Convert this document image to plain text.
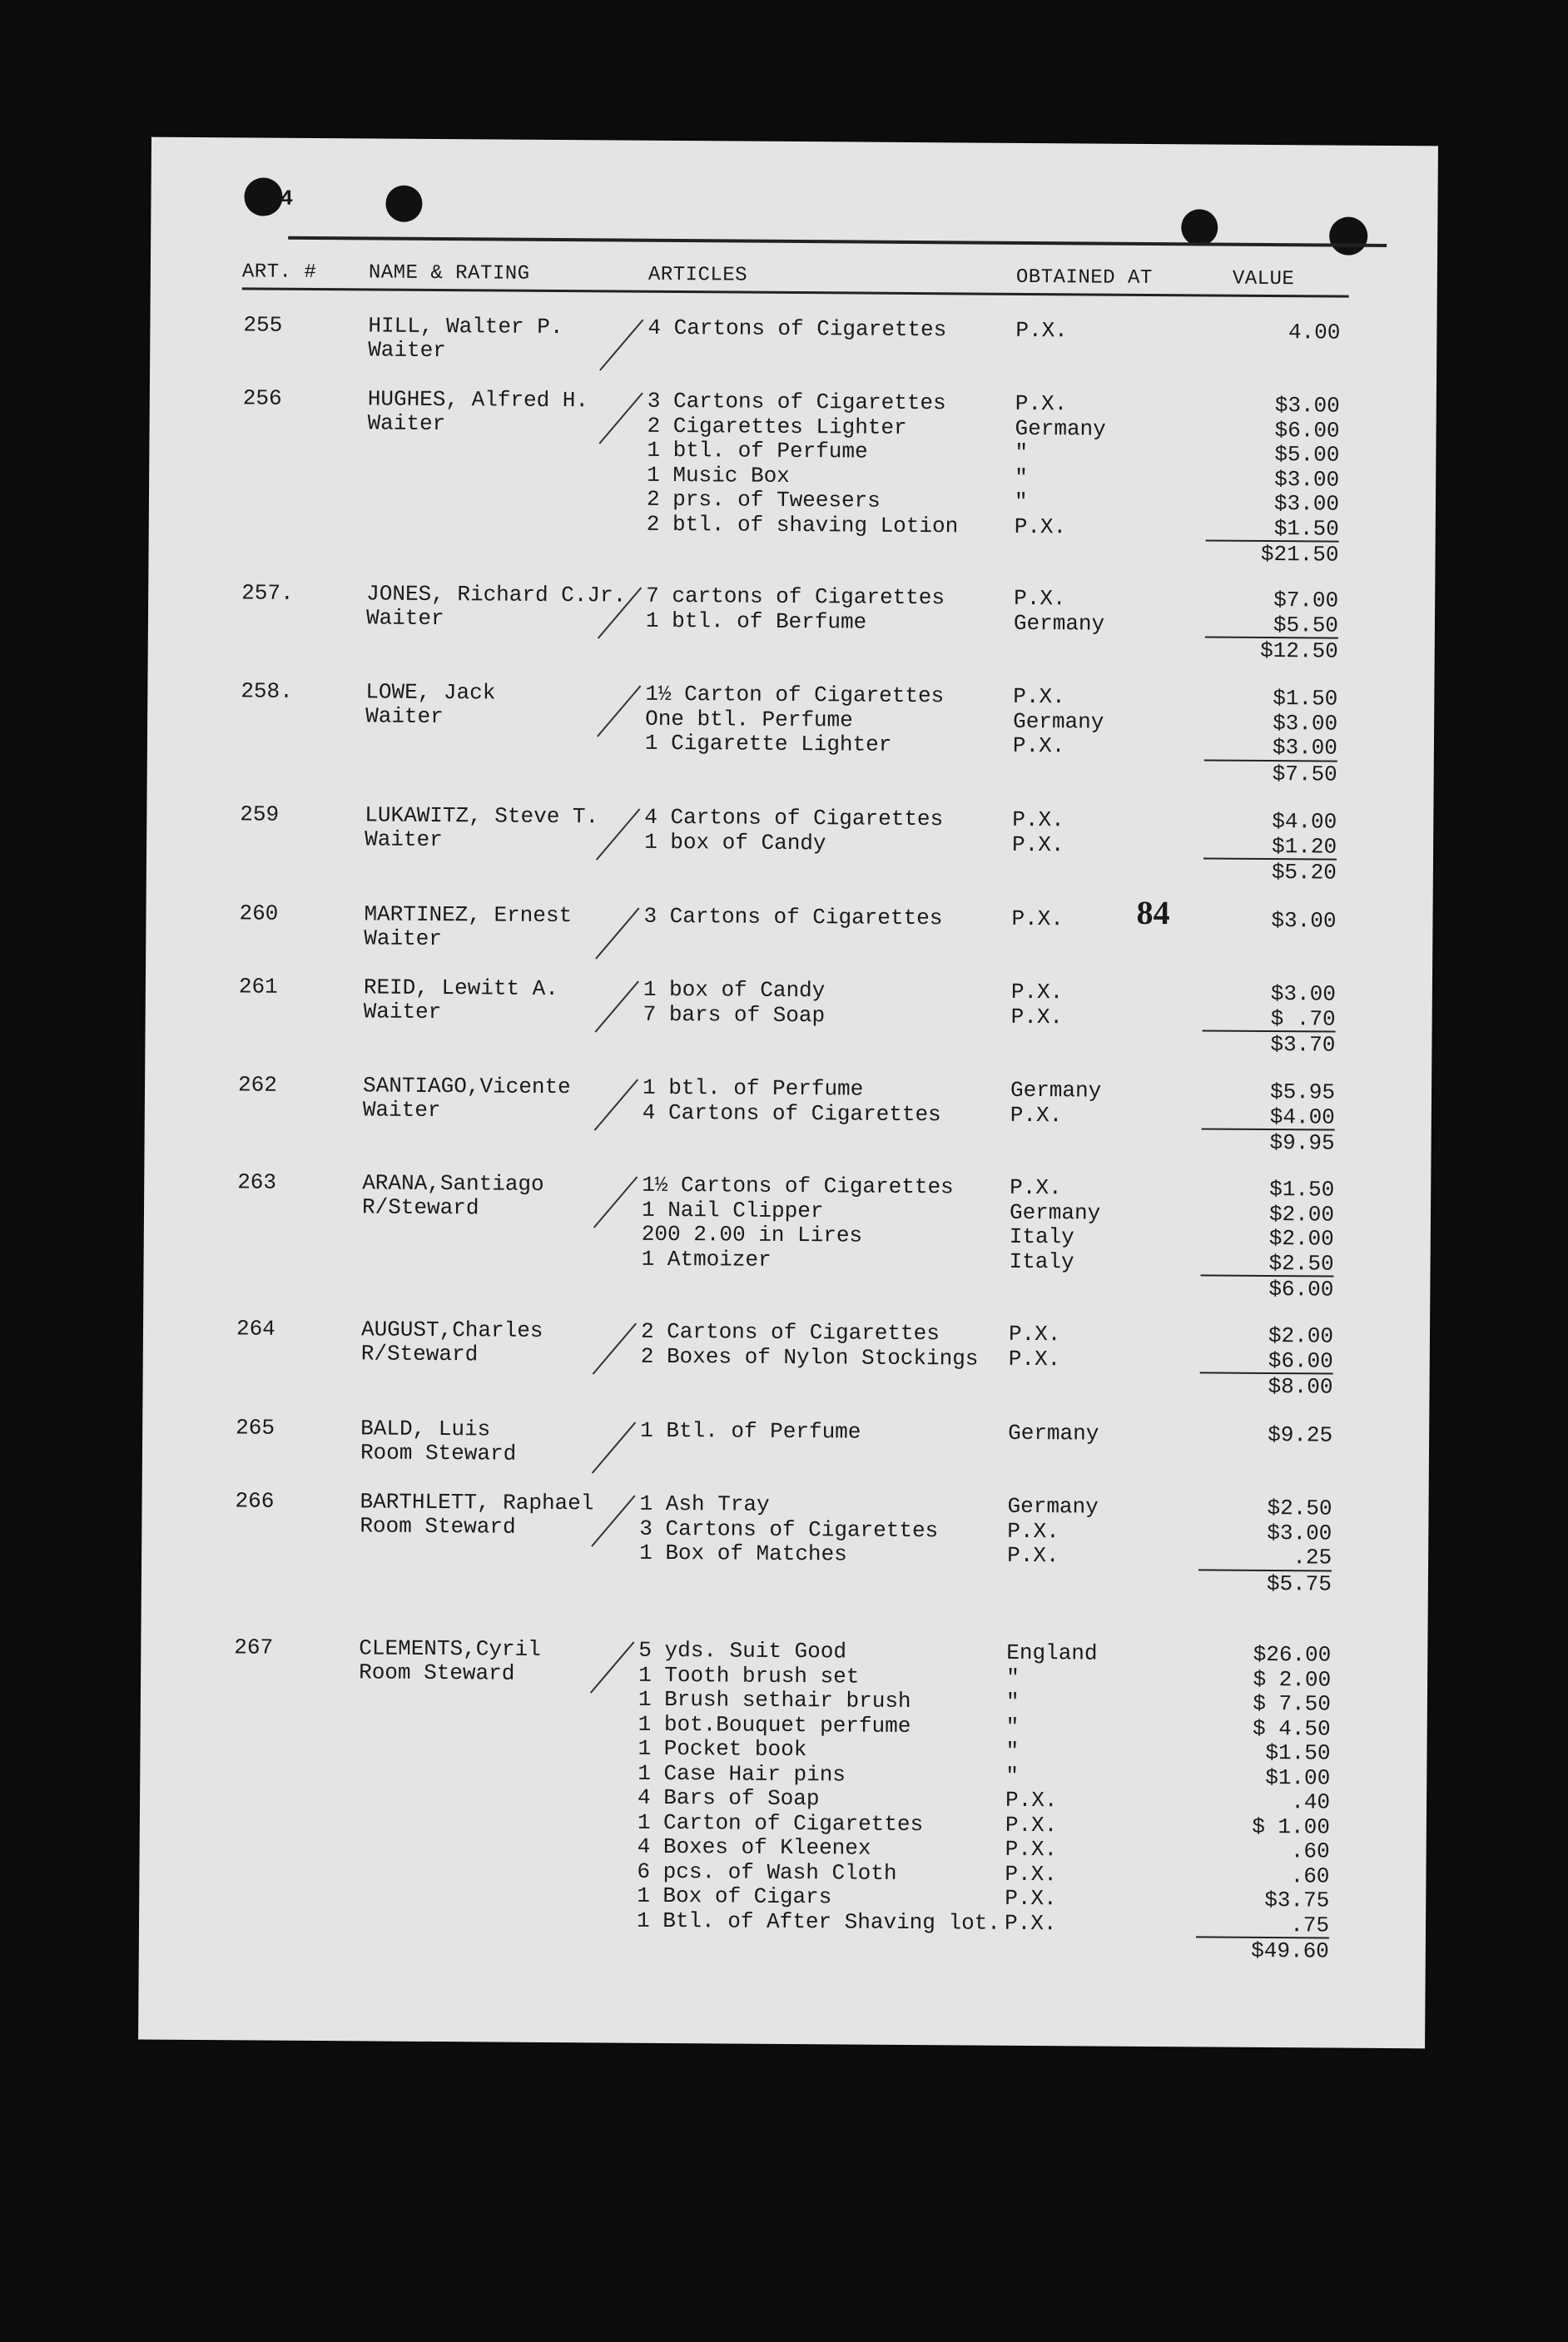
4
ART. #	NAME & RATING	ARTICLES	OBTAINED AT	VALUE
255	HILL, Walter P.
Waiter
4 Cartons of Cigarettes	P.X.	4.00
256	HUGHES, Alfred H.
Waiter
3 Cartons of Cigarettes	P.X.	$3.00
2 Cigarettes Lighter	Germany	$6.00
1 btl. of Perfume	"	$5.00
1 Music Box	"	$3.00
2 prs. of Tweesers	"	$3.00
2 btl. of shaving Lotion	P.X.	$1.50
$21.50
257.	JONES, Richard C.Jr.
Waiter
7 cartons of Cigarettes	P.X.	$7.00
1 btl. of Berfume	Germany	$5.50
$12.50
258.	LOWE, Jack
Waiter
1½ Carton of Cigarettes	P.X.	$1.50
One btl. Perfume	Germany	$3.00
1 Cigarette Lighter	P.X.	$3.00
$7.50
259	LUKAWITZ, Steve T.
Waiter
4 Cartons of Cigarettes	P.X.	$4.00
1 box of Candy	P.X.	$1.20
$5.20
260	MARTINEZ, Ernest
Waiter
3 Cartons of Cigarettes	P.X.	$3.00
261	REID, Lewitt A.
Waiter
1 box of Candy	P.X.	$3.00
7 bars of Soap	P.X.	$ .70
$3.70
262	SANTIAGO,Vicente
Waiter
1 btl. of Perfume	Germany	$5.95
4 Cartons of Cigarettes	P.X.	$4.00
$9.95
263	ARANA,Santiago
R/Steward
1½ Cartons of Cigarettes	P.X.	$1.50
1 Nail Clipper	Germany	$2.00
200 2.00 in Lires	Italy	$2.00
1 Atmoizer	Italy	$2.50
$6.00
264	AUGUST,Charles
R/Steward
2 Cartons of Cigarettes	P.X.	$2.00
2 Boxes of Nylon Stockings P.X.	$6.00
$8.00
265	BALD, Luis
Room Steward
1 Btl. of Perfume	Germany	$9.25
266	BARTHLETT, Raphael
Room Steward
1 Ash Tray	Germany	$2.50
3 Cartons of Cigarettes	P.X.	$3.00
1 Box of Matches	P.X.	.25
$5.75
267	CLEMENTS,Cyril
Room Steward
5 yds. Suit Good	England	$26.00
1 Tooth brush set	"	$ 2.00
1 Brush sethair brush	"	$ 7.50
1 bot.Bouquet perfume	"	$ 4.50
1 Pocket book	"	$1.50
1 Case Hair pins	"	$1.00
4 Bars of Soap	P.X.	.40
1 Carton of Cigarettes	P.X.	$ 1.00
4 Boxes of Kleenex	P.X.	.60
6 pcs. of Wash Cloth	P.X.	.60
1 Box of Cigars	P.X.	$3.75
1 Btl. of After Shaving lot. P.X.	.75
$49.60
84
